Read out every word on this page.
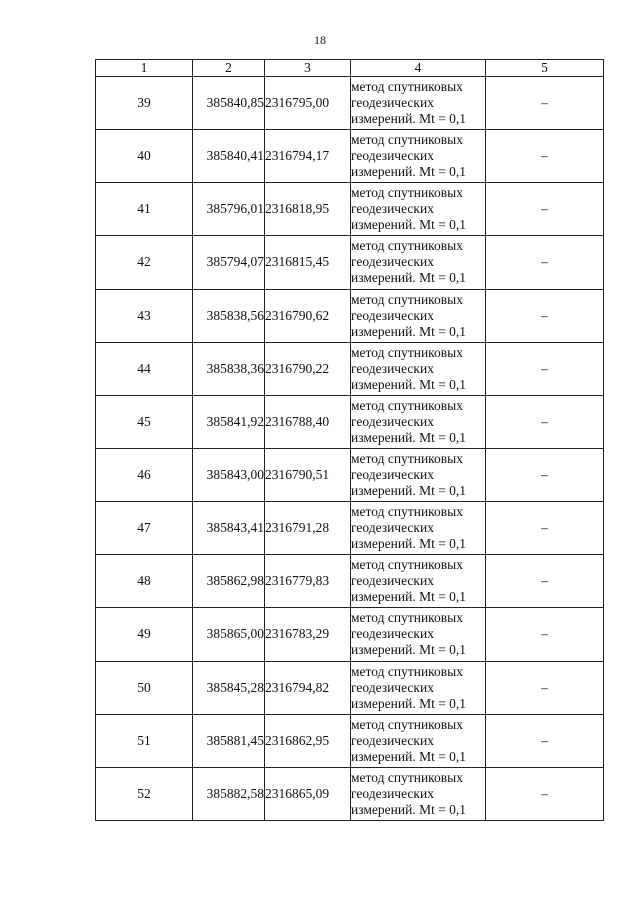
18
1	2	3	4	5
39	385840,85	2316795,00	метод спутниковых
геодезических
измерений. Mt = 0,1	–
40	385840,41	2316794,17	метод спутниковых
геодезических
измерений. Mt = 0,1	–
41	385796,01	2316818,95	метод спутниковых
геодезических
измерений. Mt = 0,1	–
42	385794,07	2316815,45	метод спутниковых
геодезических
измерений. Mt = 0,1	–
43	385838,56	2316790,62	метод спутниковых
геодезических
измерений. Mt = 0,1	–
44	385838,36	2316790,22	метод спутниковых
геодезических
измерений. Mt = 0,1	–
45	385841,92	2316788,40	метод спутниковых
геодезических
измерений. Mt = 0,1	–
46	385843,00	2316790,51	метод спутниковых
геодезических
измерений. Mt = 0,1	–
47	385843,41	2316791,28	метод спутниковых
геодезических
измерений. Mt = 0,1	–
48	385862,98	2316779,83	метод спутниковых
геодезических
измерений. Mt = 0,1	–
49	385865,00	2316783,29	метод спутниковых
геодезических
измерений. Mt = 0,1	–
50	385845,28	2316794,82	метод спутниковых
геодезических
измерений. Mt = 0,1	–
51	385881,45	2316862,95	метод спутниковых
геодезических
измерений. Mt = 0,1	–
52	385882,58	2316865,09	метод спутниковых
геодезических
измерений. Mt = 0,1	–
